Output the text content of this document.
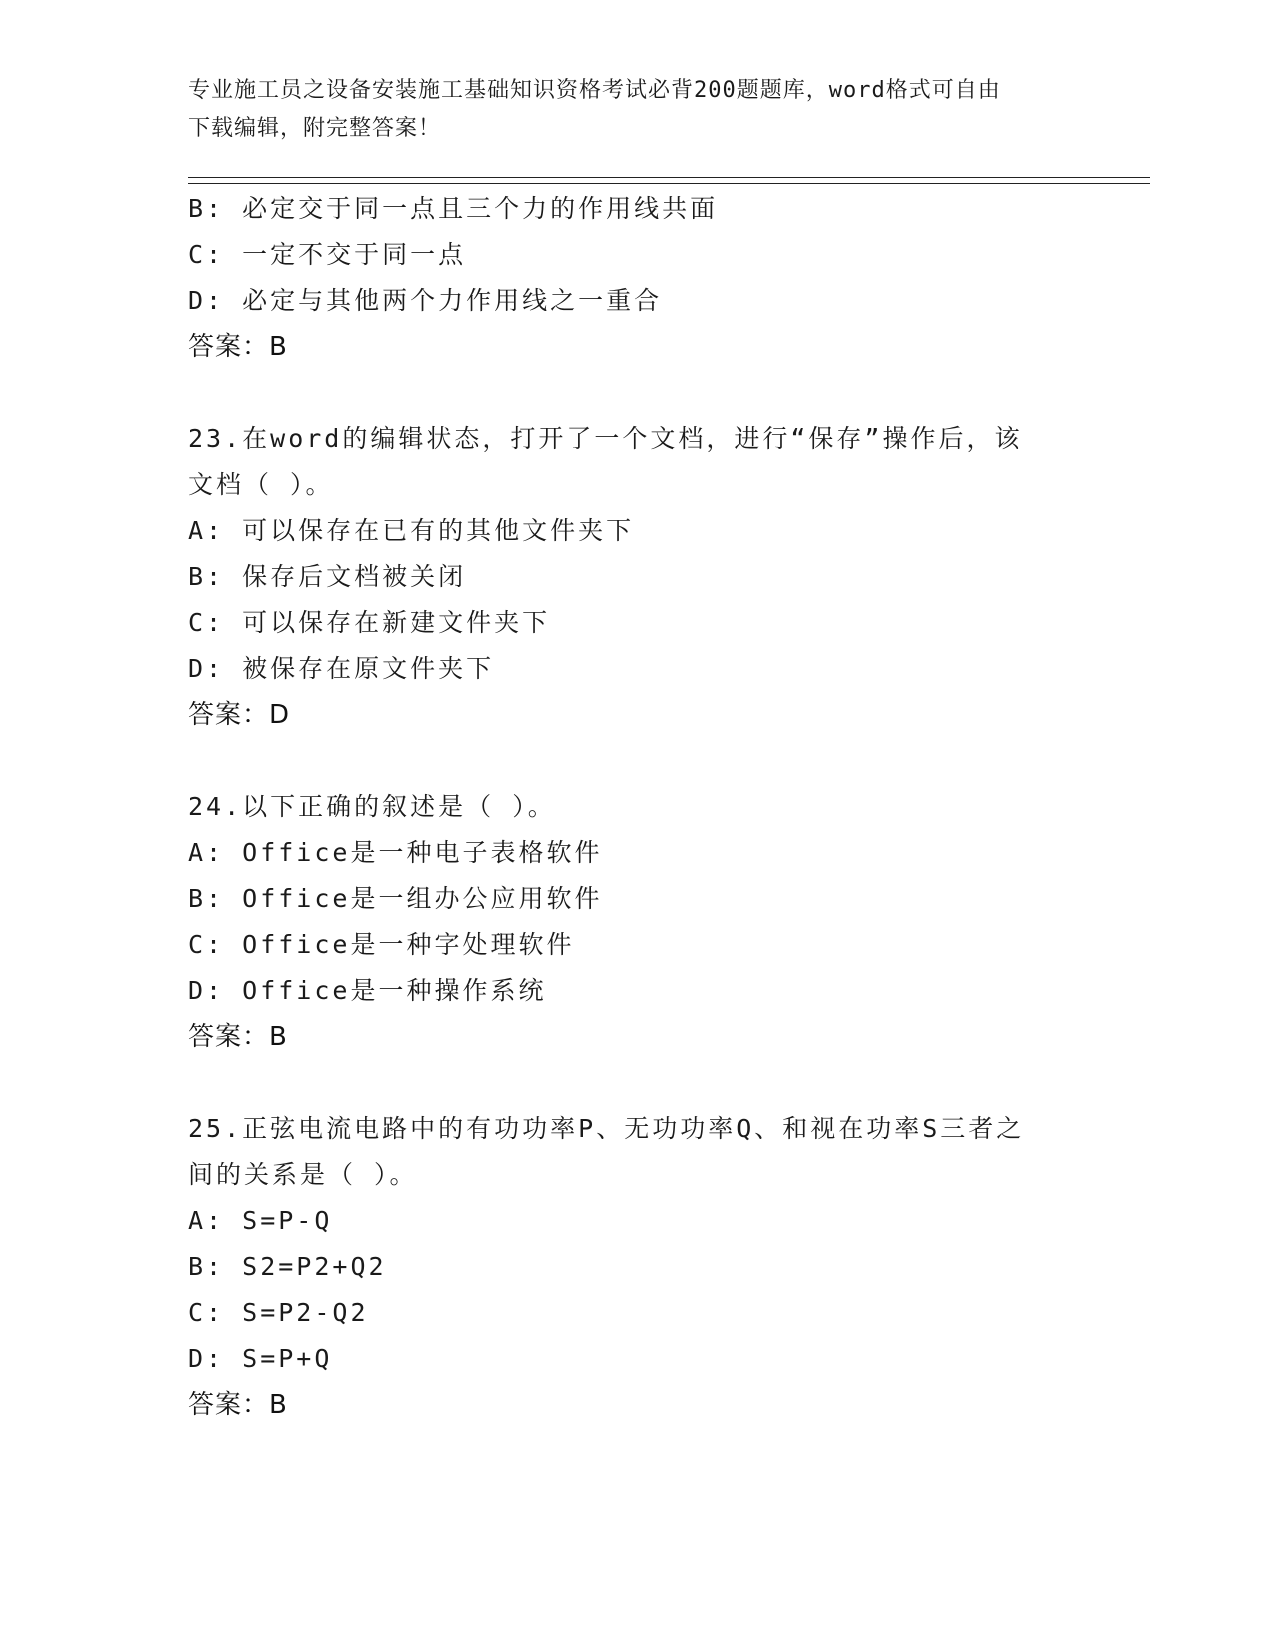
专业施工员之设备安装施工基础知识资格考试必背200题题库，word格式可自由
下载编辑，附完整答案！
B: 必定交于同一点且三个力的作用线共面
C: 一定不交于同一点
D: 必定与其他两个力作用线之一重合
答案：B
23.在word的编辑状态，打开了一个文档，进行“保存”操作后，该
文档（ ）。
A: 可以保存在已有的其他文件夹下
B: 保存后文档被关闭
C: 可以保存在新建文件夹下
D: 被保存在原文件夹下
答案：D
24.以下正确的叙述是（ ）。
A: Office是一种电子表格软件
B: Office是一组办公应用软件
C: Office是一种字处理软件
D: Office是一种操作系统
答案：B
25.正弦电流电路中的有功功率P、无功功率Q、和视在功率S三者之
间的关系是（ ）。
A: S=P-Q
B: S2=P2+Q2
C: S=P2-Q2
D: S=P+Q
答案：B
